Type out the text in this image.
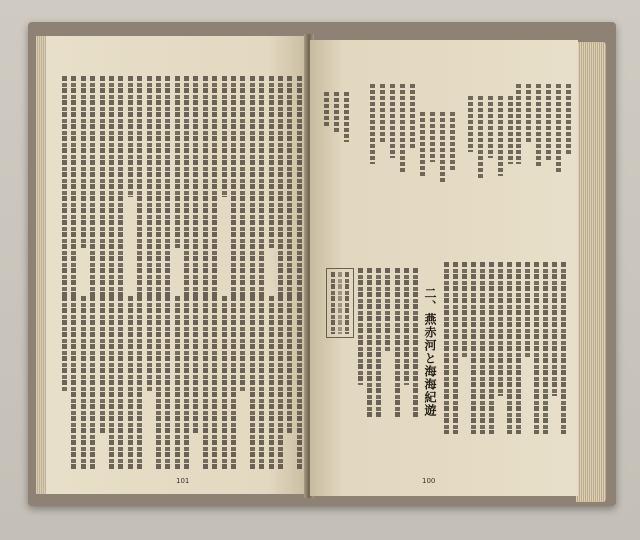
101
二、燕赤河と海海紀遊
100
